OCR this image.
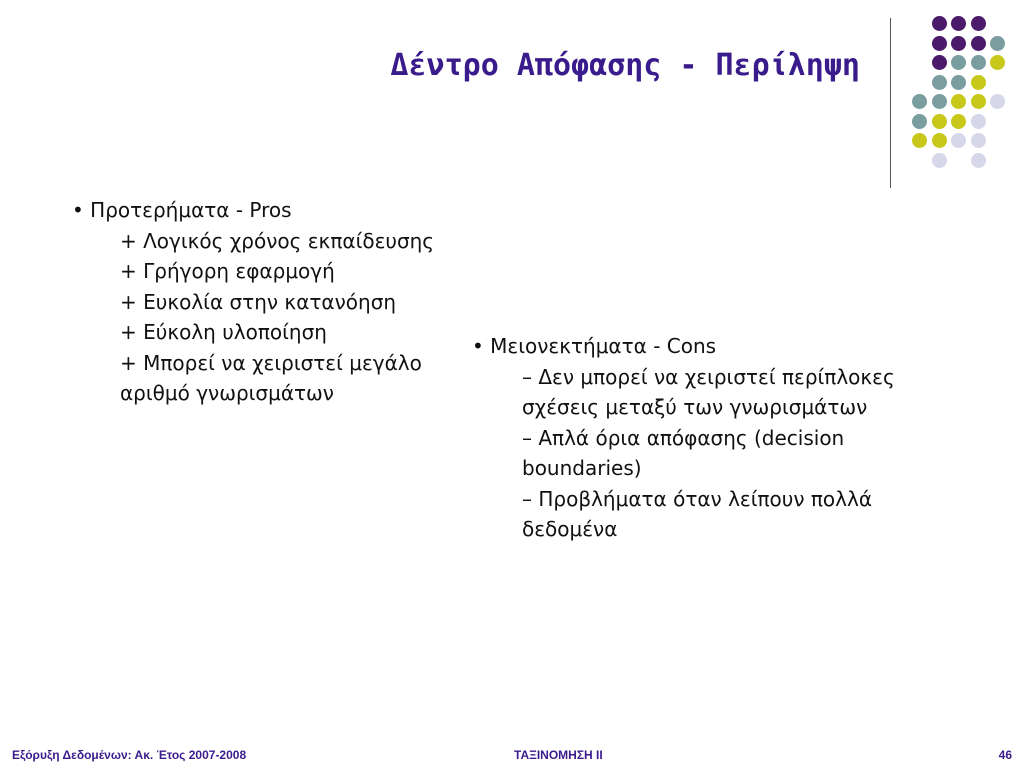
Δέντρο Απόφασης - Περίληψη
• Προτερήματα - Pros
+ Λογικός χρόνος εκπαίδευσης
+ Γρήγορη εφαρμογή
+ Ευκολία στην κατανόηση
+ Εύκολη υλοποίηση
+ Μπορεί να χειριστεί μεγάλο
αριθμό γνωρισμάτων
• Μειονεκτήματα - Cons
– Δεν μπορεί να χειριστεί περίπλοκες
σχέσεις μεταξύ των γνωρισμάτων
– Απλά όρια απόφασης (decision
boundaries)
– Προβλήματα όταν λείπουν πολλά
δεδομένα
Εξόρυξη Δεδομένων: Ακ. Έτος 2007-2008	ΤΑΞΙΝΟΜΗΣΗ ΙΙ	46
